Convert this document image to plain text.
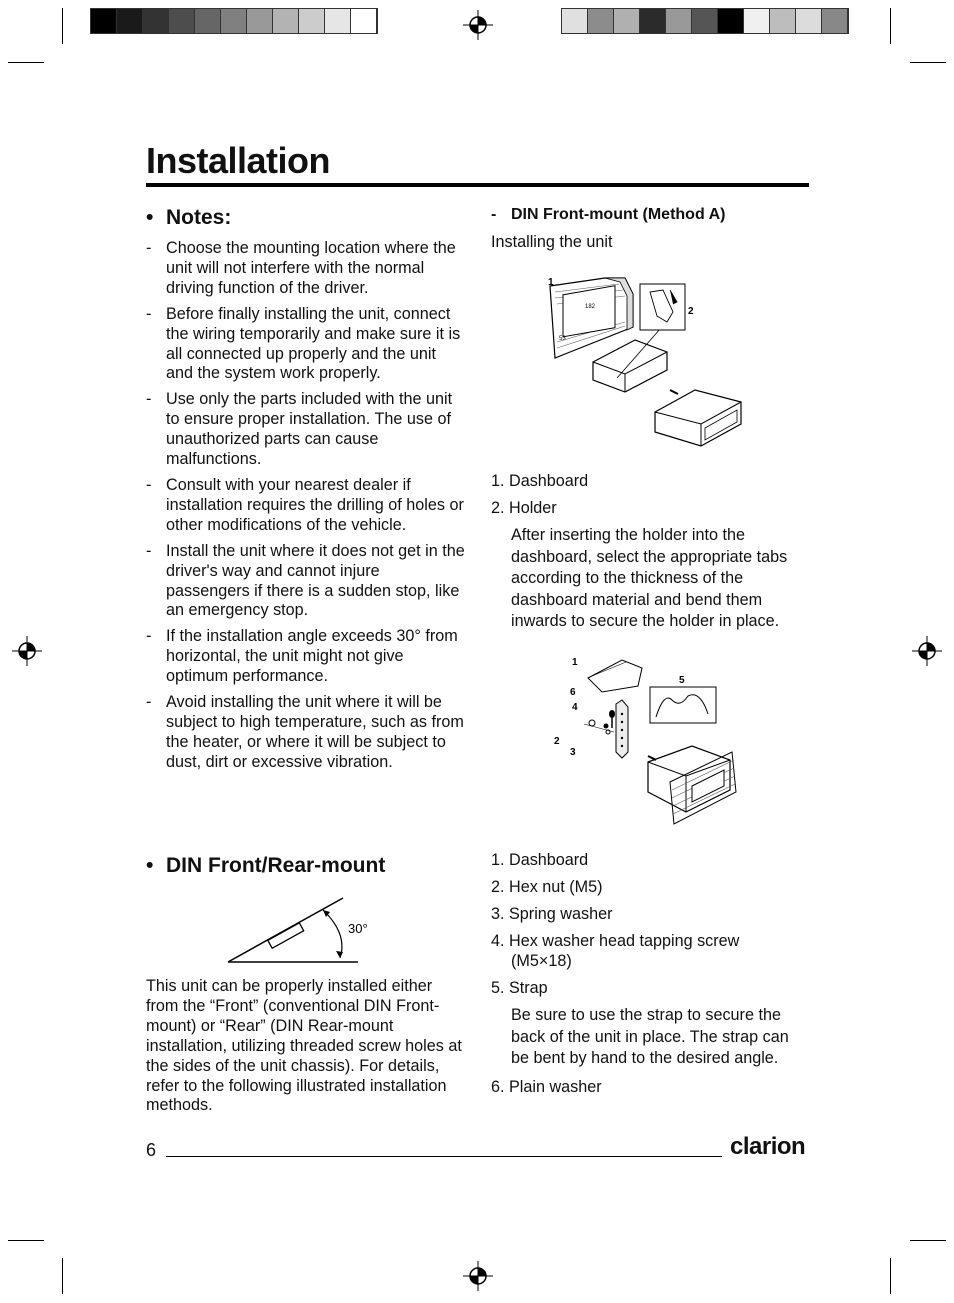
Installation
• Notes:
- Choose the mounting location where the unit will not interfere with the normal driving function of the driver.
- Before finally installing the unit, connect the wiring temporarily and make sure it is all connected up properly and the unit and the system work properly.
- Use only the parts included with the unit to ensure proper installation. The use of unauthorized parts can cause malfunctions.
- Consult with your nearest dealer if installation requires the drilling of holes or other modifications of the vehicle.
- Install the unit where it does not get in the driver's way and cannot injure passengers if there is a sudden stop, like an emergency stop.
- If the installation angle exceeds 30° from horizontal, the unit might not give optimum performance.
- Avoid installing the unit where it will be subject to high temperature, such as from the heater, or where it will be subject to dust, dirt or excessive vibration.
• DIN Front/Rear-mount
30°
This unit can be properly installed either from the “Front” (conventional DIN Front-mount) or “Rear” (DIN Rear-mount installation, utilizing threaded screw holes at the sides of the unit chassis). For details, refer to the following illustrated installation methods.
- DIN Front-mount (Method A)
Installing the unit
182
53
1
2
1. Dashboard
2. Holder
After inserting the holder into the dashboard, select the appropriate tabs according to the thickness of the dashboard material and bend them inwards to secure the holder in place.
1
6
4
2
3
5
1. Dashboard
2. Hex nut (M5)
3. Spring washer
4. Hex washer head tapping screw
(M5×18)
5. Strap
Be sure to use the strap to secure the back of the unit in place. The strap can be bent by hand to the desired angle.
6. Plain washer
6	clarion
